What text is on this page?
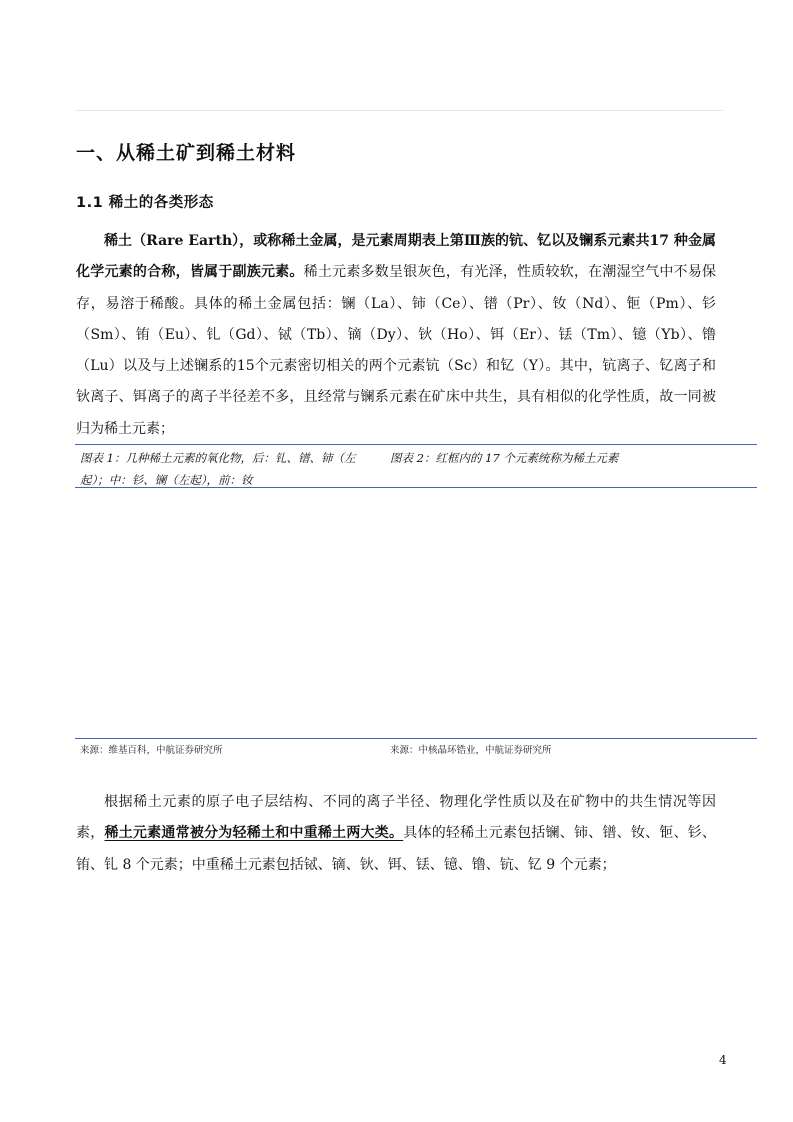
一、从稀土矿到稀土材料
1.1 稀土的各类形态

稀土（Rare Earth），或称稀土金属，是元素周期表上第Ⅲ族的钪、钇以及镧系元素共17 种金属化学元素的合称，皆属于副族元素。稀土元素多数呈银灰色，有光泽，性质较软，在潮湿空气中不易保存，易溶于稀酸。具体的稀土金属包括：镧（La）、铈（Ce）、镨（Pr）、钕（Nd）、钷（Pm）、钐（Sm）、铕（Eu）、钆（Gd）、铽（Tb）、镝（Dy）、钬（Ho）、铒（Er）、铥（Tm）、镱（Yb）、镥（Lu）以及与上述镧系的15个元素密切相关的两个元素钪（Sc）和钇（Y）。其中，钪离子、钇离子和钬离子、铒离子的离子半径差不多，且经常与镧系元素在矿床中共生，具有相似的化学性质，故一同被归为稀土元素；

图表 1：几种稀土元素的氧化物，后：钆、镨、铈（左起）；中：钐、镧（左起），前：钕
图表 2：红框内的 17 个元素统称为稀土元素
来源：维基百科，中航证券研究所	来源：中核晶环锆业，中航证券研究所

根据稀土元素的原子电子层结构、不同的离子半径、物理化学性质以及在矿物中的共生情况等因素，稀土元素通常被分为轻稀土和中重稀土两大类。具体的轻稀土元素包括镧、铈、镨、钕、钷、钐、铕、钆 8 个元素；中重稀土元素包括铽、镝、钬、铒、铥、镱、镥、钪、钇 9 个元素；

4
